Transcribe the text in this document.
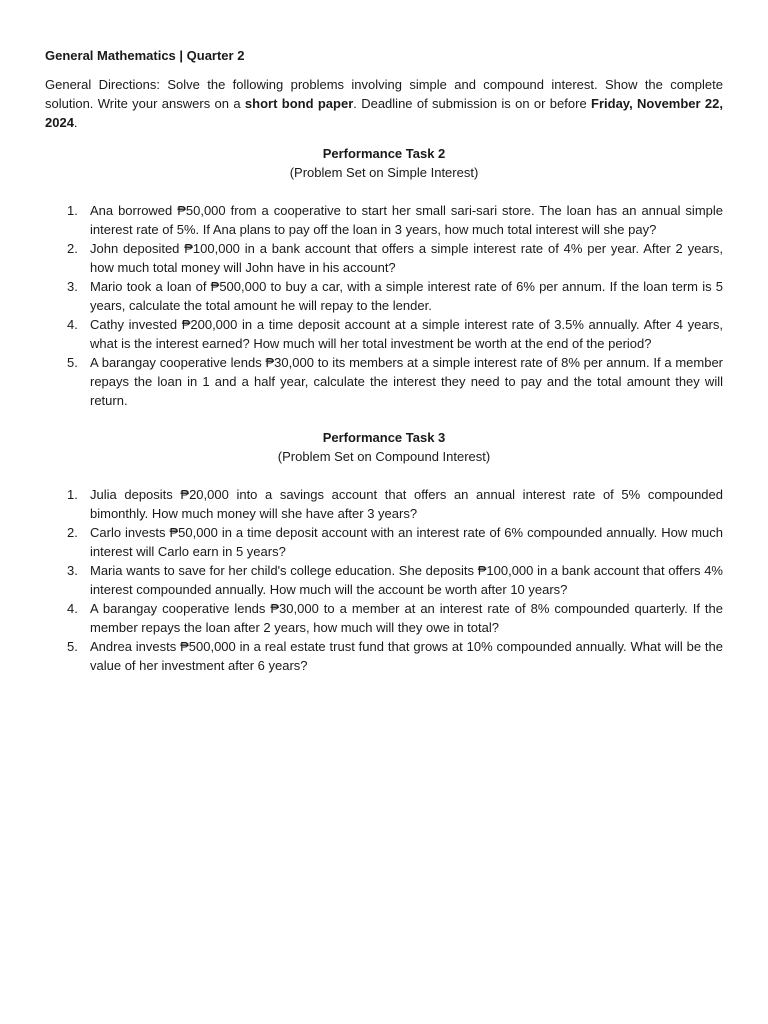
General Mathematics | Quarter 2

General Directions: Solve the following problems involving simple and compound interest. Show the complete solution. Write your answers on a short bond paper. Deadline of submission is on or before Friday, November 22, 2024.

Performance Task 2

(Problem Set on Simple Interest)

1. Ana borrowed ₱50,000 from a cooperative to start her small sari-sari store. The loan has an annual simple interest rate of 5%. If Ana plans to pay off the loan in 3 years, how much total interest will she pay?
2. John deposited ₱100,000 in a bank account that offers a simple interest rate of 4% per year. After 2 years, how much total money will John have in his account?
3. Mario took a loan of ₱500,000 to buy a car, with a simple interest rate of 6% per annum. If the loan term is 5 years, calculate the total amount he will repay to the lender.
4. Cathy invested ₱200,000 in a time deposit account at a simple interest rate of 3.5% annually. After 4 years, what is the interest earned? How much will her total investment be worth at the end of the period?
5. A barangay cooperative lends ₱30,000 to its members at a simple interest rate of 8% per annum. If a member repays the loan in 1 and a half year, calculate the interest they need to pay and the total amount they will return.

Performance Task 3

(Problem Set on Compound Interest)

1. Julia deposits ₱20,000 into a savings account that offers an annual interest rate of 5% compounded bimonthly. How much money will she have after 3 years?
2. Carlo invests ₱50,000 in a time deposit account with an interest rate of 6% compounded annually. How much interest will Carlo earn in 5 years?
3. Maria wants to save for her child's college education. She deposits ₱100,000 in a bank account that offers 4% interest compounded annually. How much will the account be worth after 10 years?
4. A barangay cooperative lends ₱30,000 to a member at an interest rate of 8% compounded quarterly. If the member repays the loan after 2 years, how much will they owe in total?
5. Andrea invests ₱500,000 in a real estate trust fund that grows at 10% compounded annually. What will be the value of her investment after 6 years?
